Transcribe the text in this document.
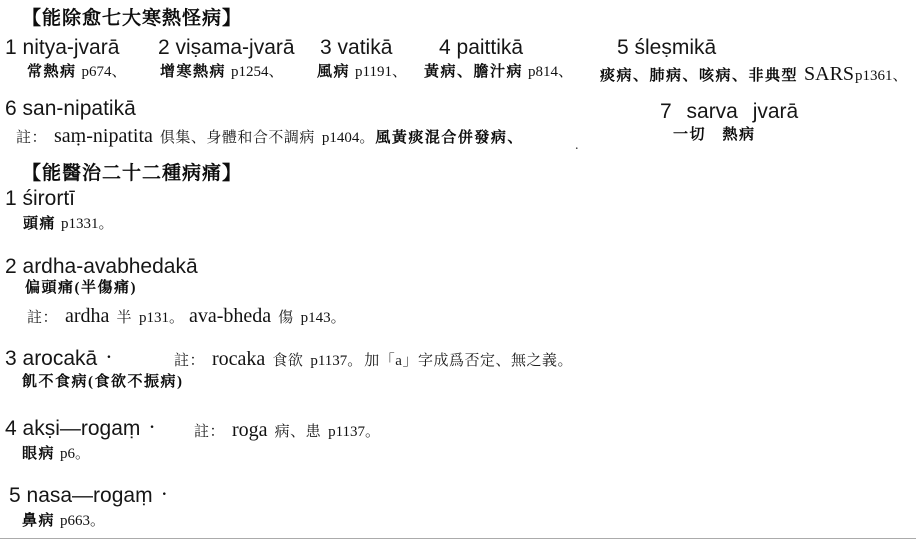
【能除愈七大寒熱怪病】
1 nitya-jvarā 2 viṣama-jvarā 3 vatikā 4 paittikā	5 śleṣmikā
常熱病 p674、 增寒熱病 p1254、 風病 p1191、 黃病、膽汁病 p814、 痰病、肺病、咳病、非典型 SARSp1361、
6 san-nipatikā	7 sarva jvarā
註： saṃ-nipatita 俱集、身體和合不調病 p1404。風黃痰混合併發病、	一切　熱病
.
【能醫治二十二種病痛】
1 śirortī
頭痛 p1331。
2 ardha-avabhedakā
偏頭痛(半傷痛)
註： ardha 半 p131。 ava-bheda 傷 p143。
3 arocakā ·	註： rocaka 食欲 p1137。 加「a」字成爲否定、無之義。
飢不食病(食欲不振病)
4 akṣi—rogaṃ ·	註： roga 病、患 p1137。
眼病 p6。
5 nasa—rogaṃ ·
鼻病 p663。
